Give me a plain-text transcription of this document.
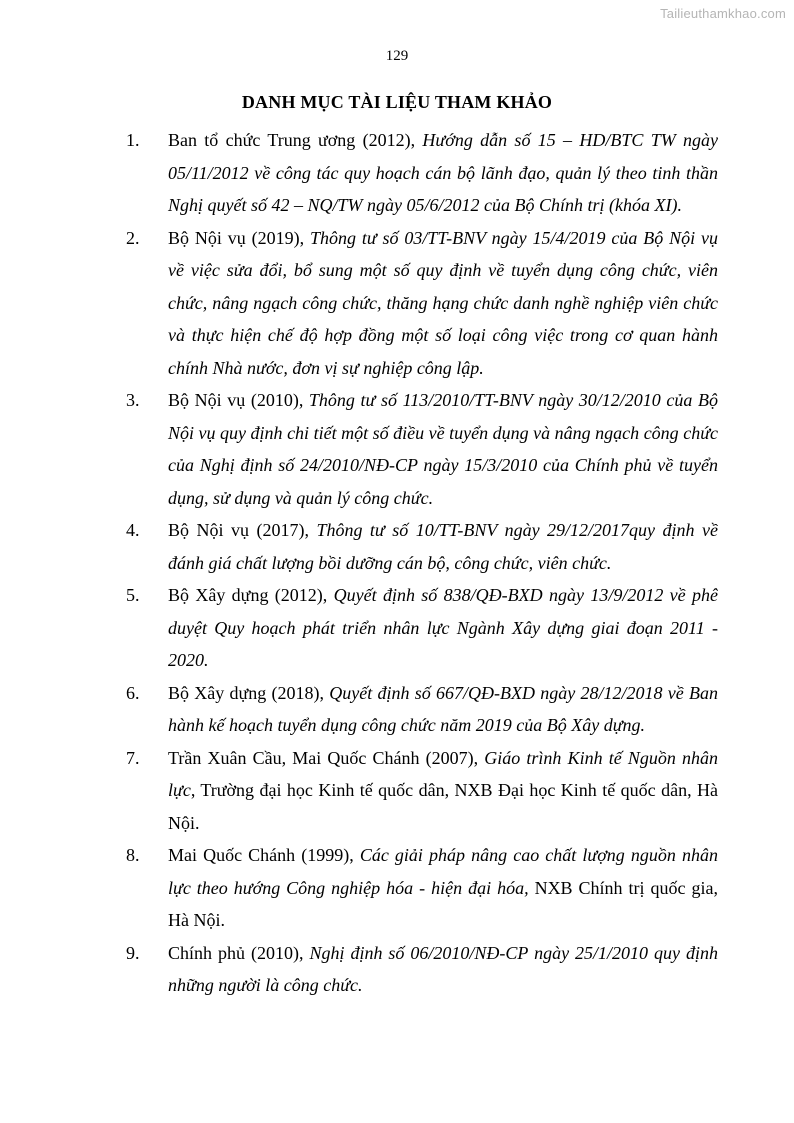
Tailieuthamkhao.com
129
DANH MỤC TÀI LIỆU THAM KHẢO
1. Ban tổ chức Trung ương (2012), Hướng dẫn số 15 – HD/BTC TW ngày 05/11/2012 về công tác quy hoạch cán bộ lãnh đạo, quản lý theo tinh thần Nghị quyết số 42 – NQ/TW ngày 05/6/2012 của Bộ Chính trị (khóa XI).
2. Bộ Nội vụ (2019), Thông tư số 03/TT-BNV ngày 15/4/2019 của Bộ Nội vụ về việc sửa đổi, bổ sung một số quy định về tuyển dụng công chức, viên chức, nâng ngạch công chức, thăng hạng chức danh nghề nghiệp viên chức và thực hiện chế độ hợp đồng một số loại công việc trong cơ quan hành chính Nhà nước, đơn vị sự nghiệp công lập.
3. Bộ Nội vụ (2010), Thông tư số 113/2010/TT-BNV ngày 30/12/2010 của Bộ Nội vụ quy định chi tiết một số điều về tuyển dụng và nâng ngạch công chức của Nghị định số 24/2010/NĐ-CP ngày 15/3/2010 của Chính phủ về tuyển dụng, sử dụng và quản lý công chức.
4. Bộ Nội vụ (2017), Thông tư số 10/TT-BNV ngày 29/12/2017quy định về đánh giá chất lượng bồi dưỡng cán bộ, công chức, viên chức.
5. Bộ Xây dựng (2012), Quyết định số 838/QĐ-BXD ngày 13/9/2012 về phê duyệt Quy hoạch phát triển nhân lực Ngành Xây dựng giai đoạn 2011 - 2020.
6. Bộ Xây dựng (2018), Quyết định số 667/QĐ-BXD ngày 28/12/2018 về Ban hành kế hoạch tuyển dụng công chức năm 2019 của Bộ Xây dựng.
7. Trần Xuân Cầu, Mai Quốc Chánh (2007), Giáo trình Kinh tế Nguồn nhân lực, Trường đại học Kinh tế quốc dân, NXB Đại học Kinh tế quốc dân, Hà Nội.
8. Mai Quốc Chánh (1999), Các giải pháp nâng cao chất lượng nguồn nhân lực theo hướng Công nghiệp hóa - hiện đại hóa, NXB Chính trị quốc gia, Hà Nội.
9. Chính phủ (2010), Nghị định số 06/2010/NĐ-CP ngày 25/1/2010 quy định những người là công chức.
